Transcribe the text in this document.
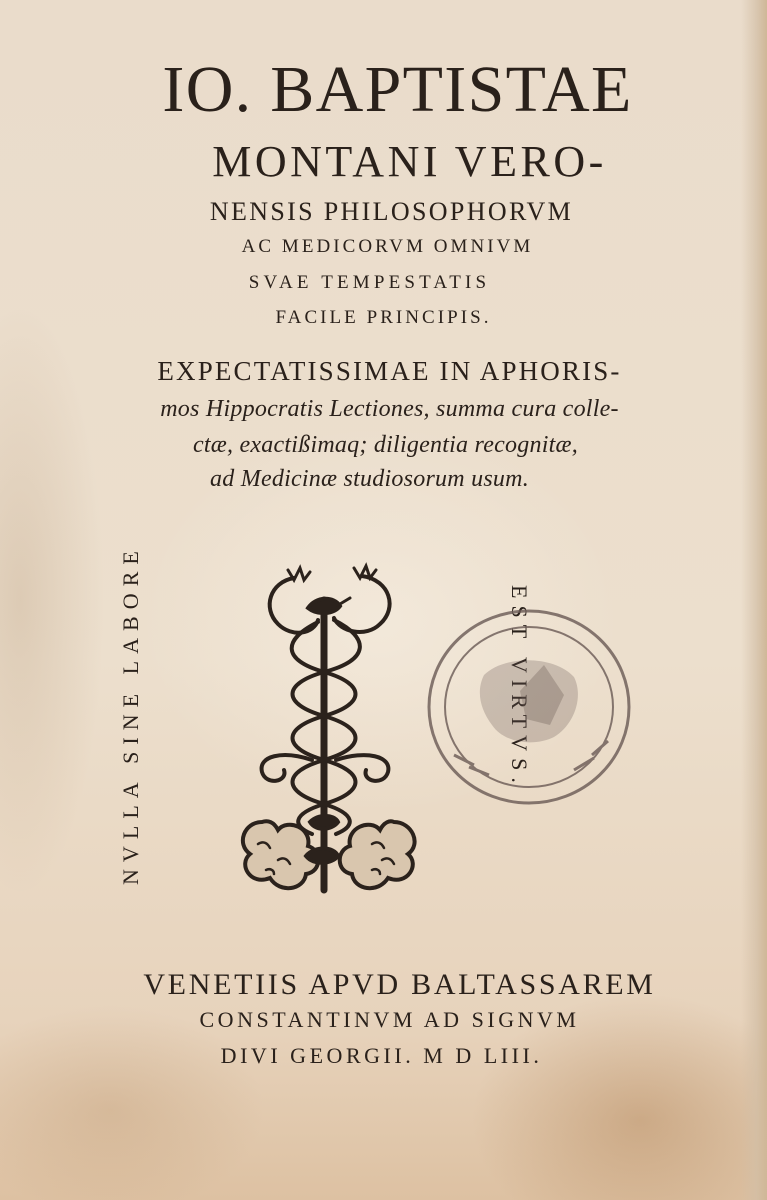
IO. BAPTISTAE
MONTANI VERO-
NENSIS PHILOSOPHORVM
AC MEDICORVM OMNIVM
SVAE TEMPESTATIS
FACILE PRINCIPIS.
EXPECTATISSIMAE IN APHORIS-
mos Hippocratis Lectiones, summa cura colle-
ctæ, exactißimaq; diligentia recognitæ,
ad Medicinæ studiosorum usum.
NVLLA SINE LABORE	EST VIRTVS.
VENETIIS APVD BALTASSAREM
CONSTANTINVM AD SIGNVM
DIVI GEORGII. M D LIII.
